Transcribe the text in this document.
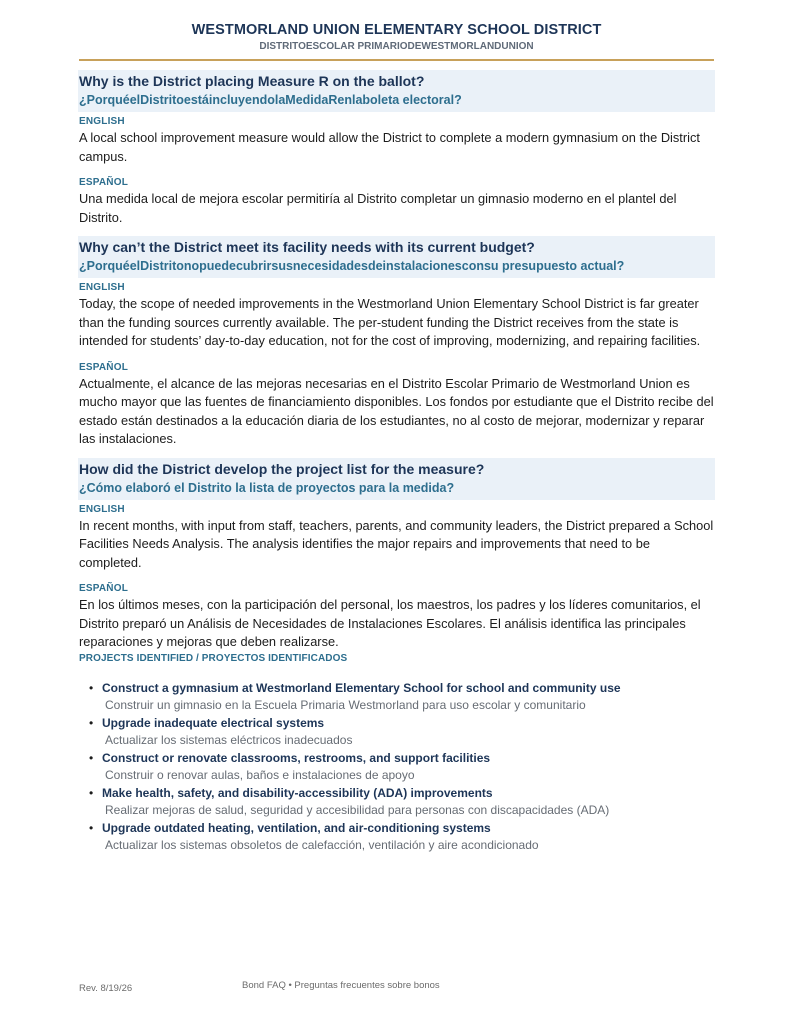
WESTMORLAND UNION ELEMENTARY SCHOOL DISTRICT
DISTRITOESCOLAR PRIMARIODEWESTMORLANDUNION
Why is the District placing Measure R on the ballot?
¿PorquéelDistritoestáincluyendolaMedidaRenlaboleta electoral?
ENGLISH
A local school improvement measure would allow the District to complete a modern gymnasium on the District campus.
ESPAÑOL
Una medida local de mejora escolar permitiría al Distrito completar un gimnasio moderno en el plantel del Distrito.
Why can’t the District meet its facility needs with its current budget?
¿PorquéelDistritonopuedecubrirsusnecesidadesdeinstalacionesconsu presupuesto actual?
ENGLISH
Today, the scope of needed improvements in the Westmorland Union Elementary School District is far greater than the funding sources currently available. The per-student funding the District receives from the state is intended for students’ day-to-day education, not for the cost of improving, modernizing, and repairing facilities.
ESPAÑOL
Actualmente, el alcance de las mejoras necesarias en el Distrito Escolar Primario de Westmorland Union es mucho mayor que las fuentes de financiamiento disponibles. Los fondos por estudiante que el Distrito recibe del estado están destinados a la educación diaria de los estudiantes, no al costo de mejorar, modernizar y reparar las instalaciones.
How did the District develop the project list for the measure?
¿Cómo elaboró el Distrito la lista de proyectos para la medida?
ENGLISH
In recent months, with input from staff, teachers, parents, and community leaders, the District prepared a School Facilities Needs Analysis. The analysis identifies the major repairs and improvements that need to be completed.
ESPAÑOL
En los últimos meses, con la participación del personal, los maestros, los padres y los líderes comunitarios, el Distrito preparó un Análisis de Necesidades de Instalaciones Escolares. El análisis identifica las principales reparaciones y mejoras que deben realizarse.
PROJECTS IDENTIFIED / PROYECTOS IDENTIFICADOS
• Construct a gymnasium at Westmorland Elementary School for school and community use
Construir un gimnasio en la Escuela Primaria Westmorland para uso escolar y comunitario
• Upgrade inadequate electrical systems
Actualizar los sistemas eléctricos inadecuados
• Construct or renovate classrooms, restrooms, and support facilities
Construir o renovar aulas, baños e instalaciones de apoyo
• Make health, safety, and disability-accessibility (ADA) improvements
Realizar mejoras de salud, seguridad y accesibilidad para personas con discapacidades (ADA)
• Upgrade outdated heating, ventilation, and air-conditioning systems
Actualizar los sistemas obsoletos de calefacción, ventilación y aire acondicionado
Rev. 8/19/26	Bond FAQ • Preguntas frecuentes sobre bonos
